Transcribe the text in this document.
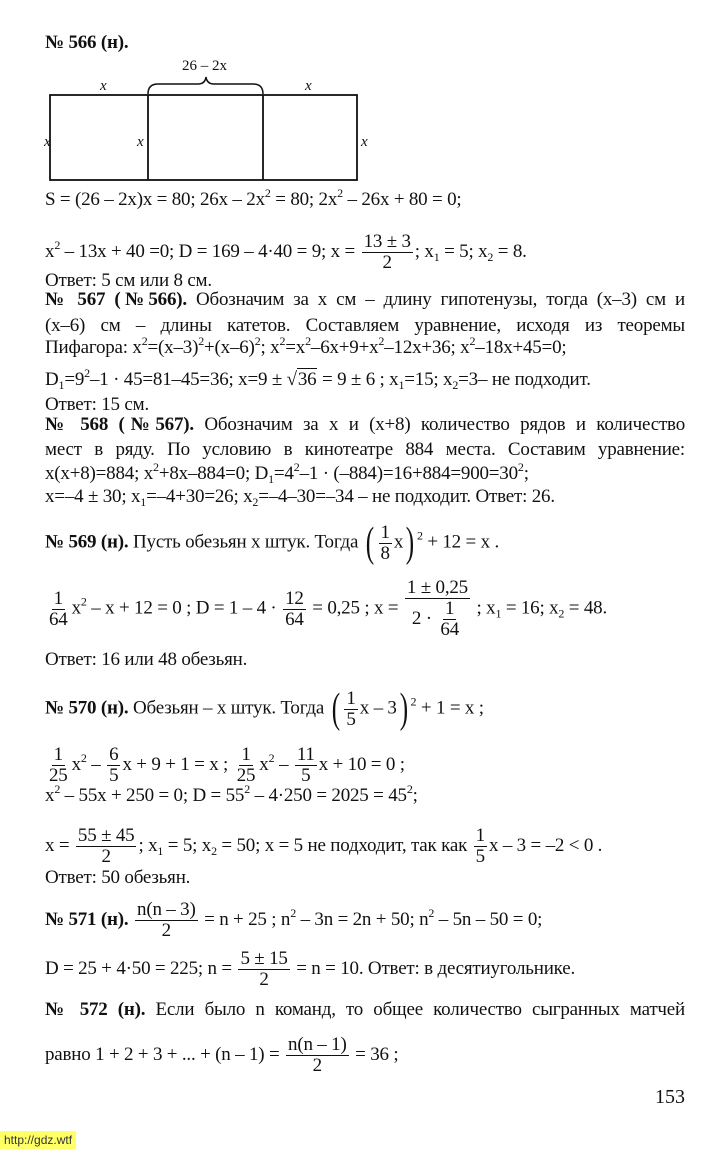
26 – 2x
x	x
x	x	x
№ 566 (н).
S = (26 – 2x)x = 80; $26x - 2x^2 = 80$; $2x^2 - 26x + 80 = 0$;
$x^2 - 13x + 40 =0$; D = 169 – 4·40 = 9; $x = \frac{13 \pm 3}{2}$ ; $x_1 = 5$; $x_2 = 8$.
Ответ: 5 см или 8 см.
№ 567 (№566). Обозначим за x см – длину гипотенузы, тогда (x–3) см и
(x–6) см – длины катетов. Составляем уравнение, исходя из теоремы
Пифагора: $x^2=(x-3)^2+(x-6)^2$; $x^2=x^2-6x+9+x^2-12x+36$; $x^2-18x+45=0$;
$D_1=9^2-1 \cdot 45=81-45=36$; x=9 ± √36 = 9 ± 6 ; $x_1=15$; $x_2=3-$ не подходит.
Ответ: 15 см.
№ 568 (№567). Обозначим за х и (x+8) количество рядов и количество
мест в ряду. По условию в кинотеатре 884 места. Составим уравнение:
x(x+8)=884; $x^2+8x-884=0$; $D_1=4^2-1 \cdot (-884)=16+884=900=30^2$;
x=–4 ± 30; $x_1=-4+30=26$; $x_2=-4-30=-34$ – не подходит. Ответ: 26.
№ 569 (н). Пусть обезьян x штук. Тогда ( $\frac{1}{8} x$) $^2$ + 12 = x .
$\frac{1}{64} x^2 - x + 12 = 0$ ; $D = 1 - 4 \cdot \frac{12}{64} = 0,25$ ; $x = \frac{1 \pm 0,25}{2 \cdot \frac{1}{64}}$ ; $x_1 = 16$; $x_2 = 48$.
Ответ: 16 или 48 обезьян.
№ 570 (н). Обезьян – x штук. Тогда ( $\frac{1}{5}$ x – 3) $^2$ + 1 = x ;
$\frac{1}{25} x^2 - \frac{6}{5}$ x + 9 + 1 = x ; $\frac{1}{25} x^2 - \frac{11}{5}$ x + 10 = 0 ;
$x^2 - 55x + 250 = 0$; $D = 55^2 - 4\cdot 250 = 2025 = 45^2$;
$x = \frac{55 \pm 45}{2}$ ; $x_1 = 5$; $x_2 = 50$; x = 5 не подходит, так как $\frac{1}{5}$ x – 3 = –2 < 0 .
Ответ: 50 обезьян.
№ 571 (н). $\frac{n(n - 3)}{2} = n + 25$ ; $n^2 - 3n = 2n + 50$; $n^2 - 5n - 50 = 0$;
D = 25 + 4·50 = 225; $n = \frac{5 \pm 15}{2} = n = 10$. Ответ: в десятиугольнике.
№ 572 (н). Если было n команд, то общее количество сыгранных матчей
равно 1 + 2 + 3 + ... + $(n - 1) = \frac{n(n - 1)}{2} = 36$ ;
153
http://gdz.wtf
